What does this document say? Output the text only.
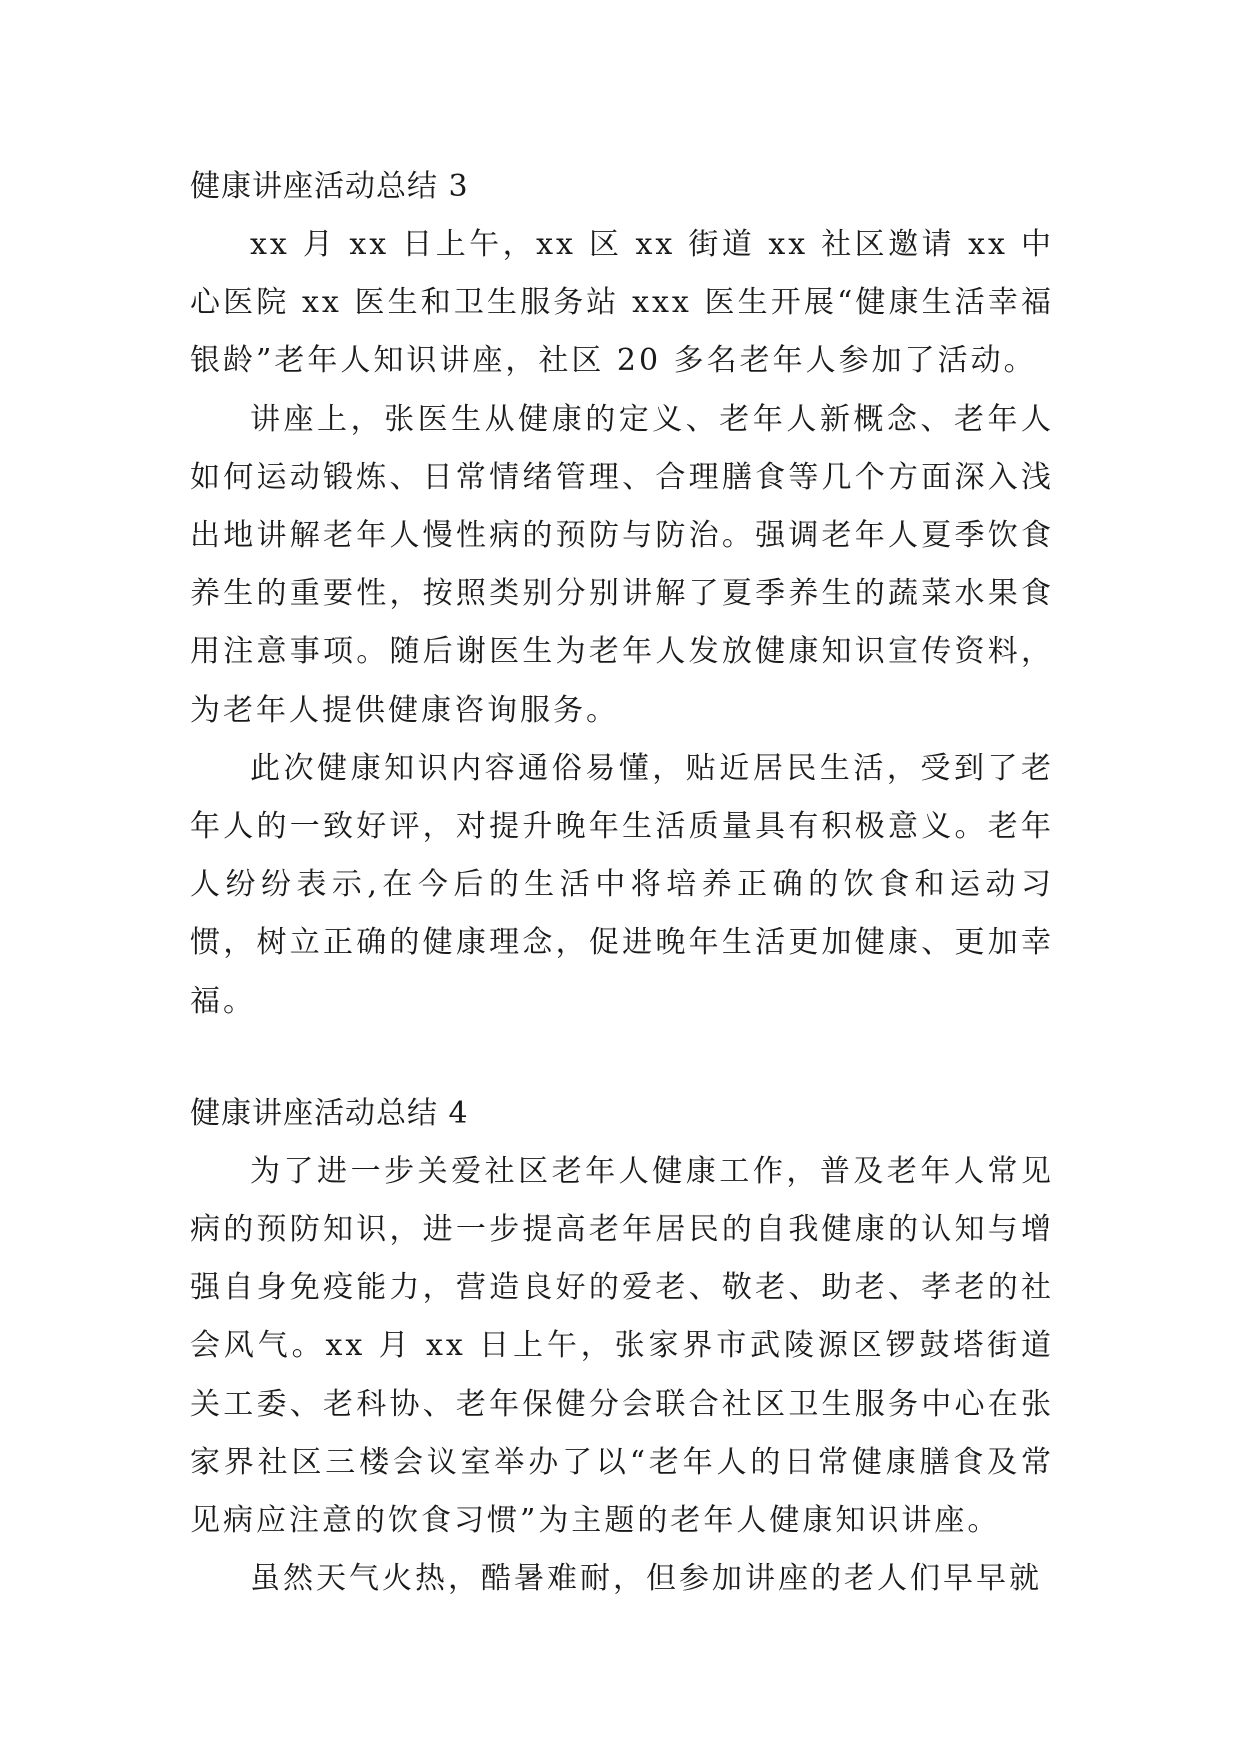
健康讲座活动总结 3

xx 月 xx 日上午，xx 区 xx 街道 xx 社区邀请 xx 中心医院 xx 医生和卫生服务站 xxx 医生开展“健康生活幸福银龄”老年人知识讲座，社区 20 多名老年人参加了活动。

讲座上，张医生从健康的定义、老年人新概念、老年人如何运动锻炼、日常情绪管理、合理膳食等几个方面深入浅出地讲解老年人慢性病的预防与防治。强调老年人夏季饮食养生的重要性，按照类别分别讲解了夏季养生的蔬菜水果食用注意事项。随后谢医生为老年人发放健康知识宣传资料，为老年人提供健康咨询服务。

此次健康知识内容通俗易懂，贴近居民生活，受到了老年人的一致好评，对提升晚年生活质量具有积极意义。老年人纷纷表示,在今后的生活中将培养正确的饮食和运动习惯，树立正确的健康理念，促进晚年生活更加健康、更加幸福。

健康讲座活动总结 4

为了进一步关爱社区老年人健康工作，普及老年人常见病的预防知识，进一步提高老年居民的自我健康的认知与增强自身免疫能力，营造良好的爱老、敬老、助老、孝老的社会风气。xx 月 xx 日上午，张家界市武陵源区锣鼓塔街道关工委、老科协、老年保健分会联合社区卫生服务中心在张家界社区三楼会议室举办了以“老年人的日常健康膳食及常见病应注意的饮食习惯”为主题的老年人健康知识讲座。

虽然天气火热，酷暑难耐，但参加讲座的老人们早早就
